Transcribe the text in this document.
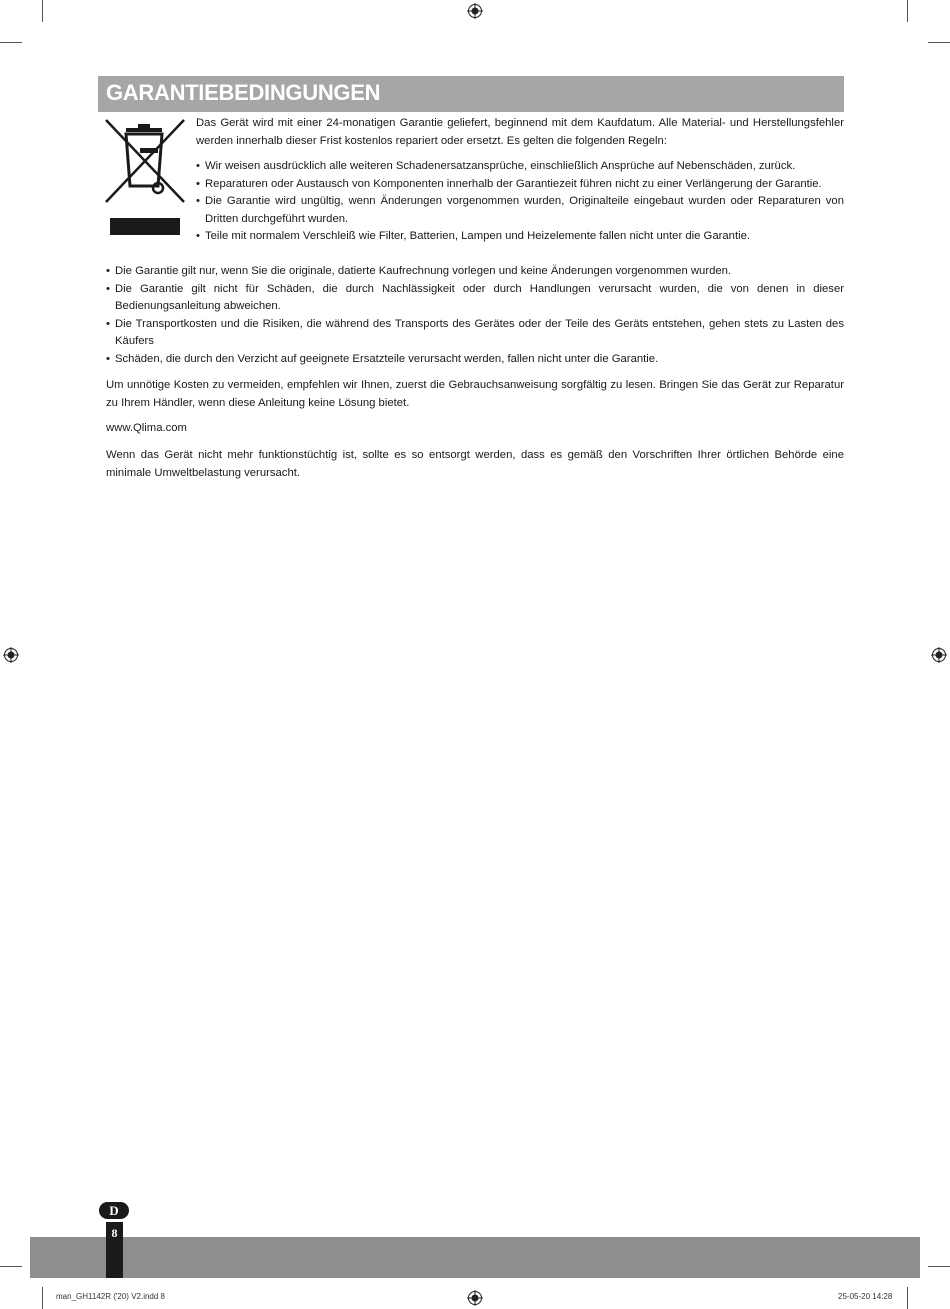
GARANTIEBEDINGUNGEN
Das Gerät wird mit einer 24-monatigen Garantie geliefert, beginnend mit dem Kaufdatum. Alle Material- und Herstellungsfehler werden innerhalb dieser Frist kostenlos repariert oder ersetzt. Es gelten die folgenden Regeln:
• Wir weisen ausdrücklich alle weiteren Schadenersatzansprüche, einschließlich Ansprüche auf Nebenschäden, zurück.
• Reparaturen oder Austausch von Komponenten innerhalb der Garantiezeit führen nicht zu einer Verlängerung der Garantie.
• Die Garantie wird ungültig, wenn Änderungen vorgenommen wurden, Originalteile eingebaut wurden oder Reparaturen von Dritten durchgeführt wurden.
• Teile mit normalem Verschleiß wie Filter, Batterien, Lampen und Heizelemente fallen nicht unter die Garantie.
• Die Garantie gilt nur, wenn Sie die originale, datierte Kaufrechnung vorlegen und keine Änderungen vorgenommen wurden.
• Die Garantie gilt nicht für Schäden, die durch Nachlässigkeit oder durch Handlungen verursacht wurden, die von denen in dieser Bedienungsanleitung abweichen.
• Die Transportkosten und die Risiken, die während des Transports des Gerätes oder der Teile des Geräts entstehen, gehen stets zu Lasten des Käufers
• Schäden, die durch den Verzicht auf geeignete Ersatzteile verursacht werden, fallen nicht unter die Garantie.
Um unnötige Kosten zu vermeiden, empfehlen wir Ihnen, zuerst die Gebrauchsanweisung sorgfältig zu lesen. Bringen Sie das Gerät zur Reparatur zu Ihrem Händler, wenn diese Anleitung keine Lösung bietet.
www.Qlima.com
Wenn das Gerät nicht mehr funktionstüchtig ist, sollte es so entsorgt werden, dass es gemäß den Vorschriften Ihrer örtlichen Behörde eine minimale Umweltbelastung verursacht.
D
8
man_GH1142R ('20) V2.indd 8	25-05-20 14:28
